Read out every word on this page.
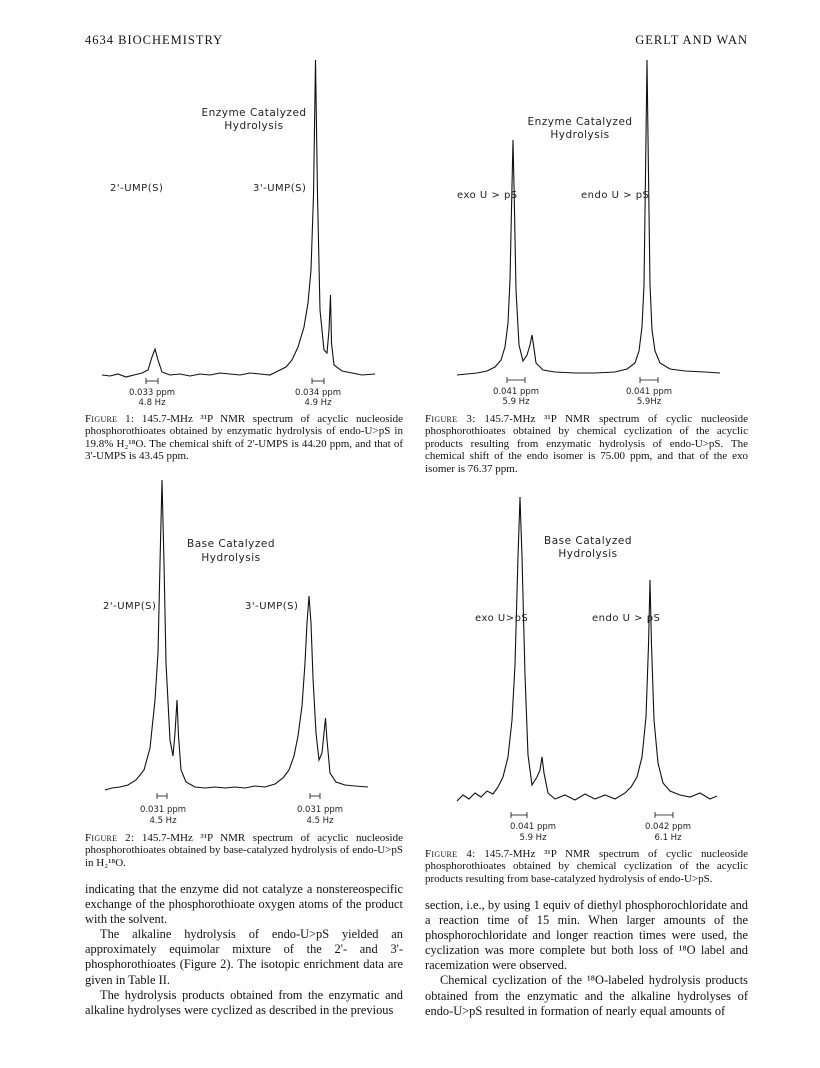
4634 BIOCHEMISTRY	GERLT AND WAN
Enzyme Catalyzed
Hydrolysis
2'-UMP(S)	3'-UMP(S)
0.033 ppm
4.8 Hz
0.034 ppm
4.9 Hz
Figure 1: 145.7-MHz ³¹P NMR spectrum of acyclic nucleoside phosphorothioates obtained by enzymatic hydrolysis of endo-U>pS in 19.8% H₂¹⁸O. The chemical shift of 2'-UMPS is 44.20 ppm, and that of 3'-UMPS is 43.45 ppm.
Enzyme Catalyzed
Hydrolysis
exo U > pS	endo U > pS
0.041 ppm
5.9 Hz
0.041 ppm
5.9Hz
Figure 3: 145.7-MHz ³¹P NMR spectrum of cyclic nucleoside phosphorothioates obtained by chemical cyclization of the acyclic products resulting from enzymatic hydrolysis of endo-U>pS. The chemical shift of the endo isomer is 75.00 ppm, and that of the exo isomer is 76.37 ppm.
Base Catalyzed
Hydrolysis
2'-UMP(S)	3'-UMP(S)
0.031 ppm
4.5 Hz
0.031 ppm
4.5 Hz
Figure 2: 145.7-MHz ³¹P NMR spectrum of acyclic nucleoside phosphorothioates obtained by base-catalyzed hydrolysis of endo-U>pS in H₂¹⁸O.
Base Catalyzed
Hydrolysis
exo U>pS	endo U > pS
0.041 ppm
5.9 Hz
0.042 ppm
6.1 Hz
Figure 4: 145.7-MHz ³¹P NMR spectrum of cyclic nucleoside phosphorothioates obtained by chemical cyclization of the acyclic products resulting from base-catalyzed hydrolysis of endo-U>pS.

indicating that the enzyme did not catalyze a nonstereospecific exchange of the phosphorothioate oxygen atoms of the product with the solvent.

The alkaline hydrolysis of endo-U>pS yielded an approximately equimolar mixture of the 2'- and 3'-phosphorothioates (Figure 2). The isotopic enrichment data are given in Table II.

The hydrolysis products obtained from the enzymatic and alkaline hydrolyses were cyclized as described in the previous

section, i.e., by using 1 equiv of diethyl phosphorochloridate and a reaction time of 15 min. When larger amounts of the phosphorochloridate and longer reaction times were used, the cyclization was more complete but both loss of ¹⁸O label and racemization were observed.

Chemical cyclization of the ¹⁸O-labeled hydrolysis products obtained from the enzymatic and the alkaline hydrolyses of endo-U>pS resulted in formation of nearly equal amounts of
